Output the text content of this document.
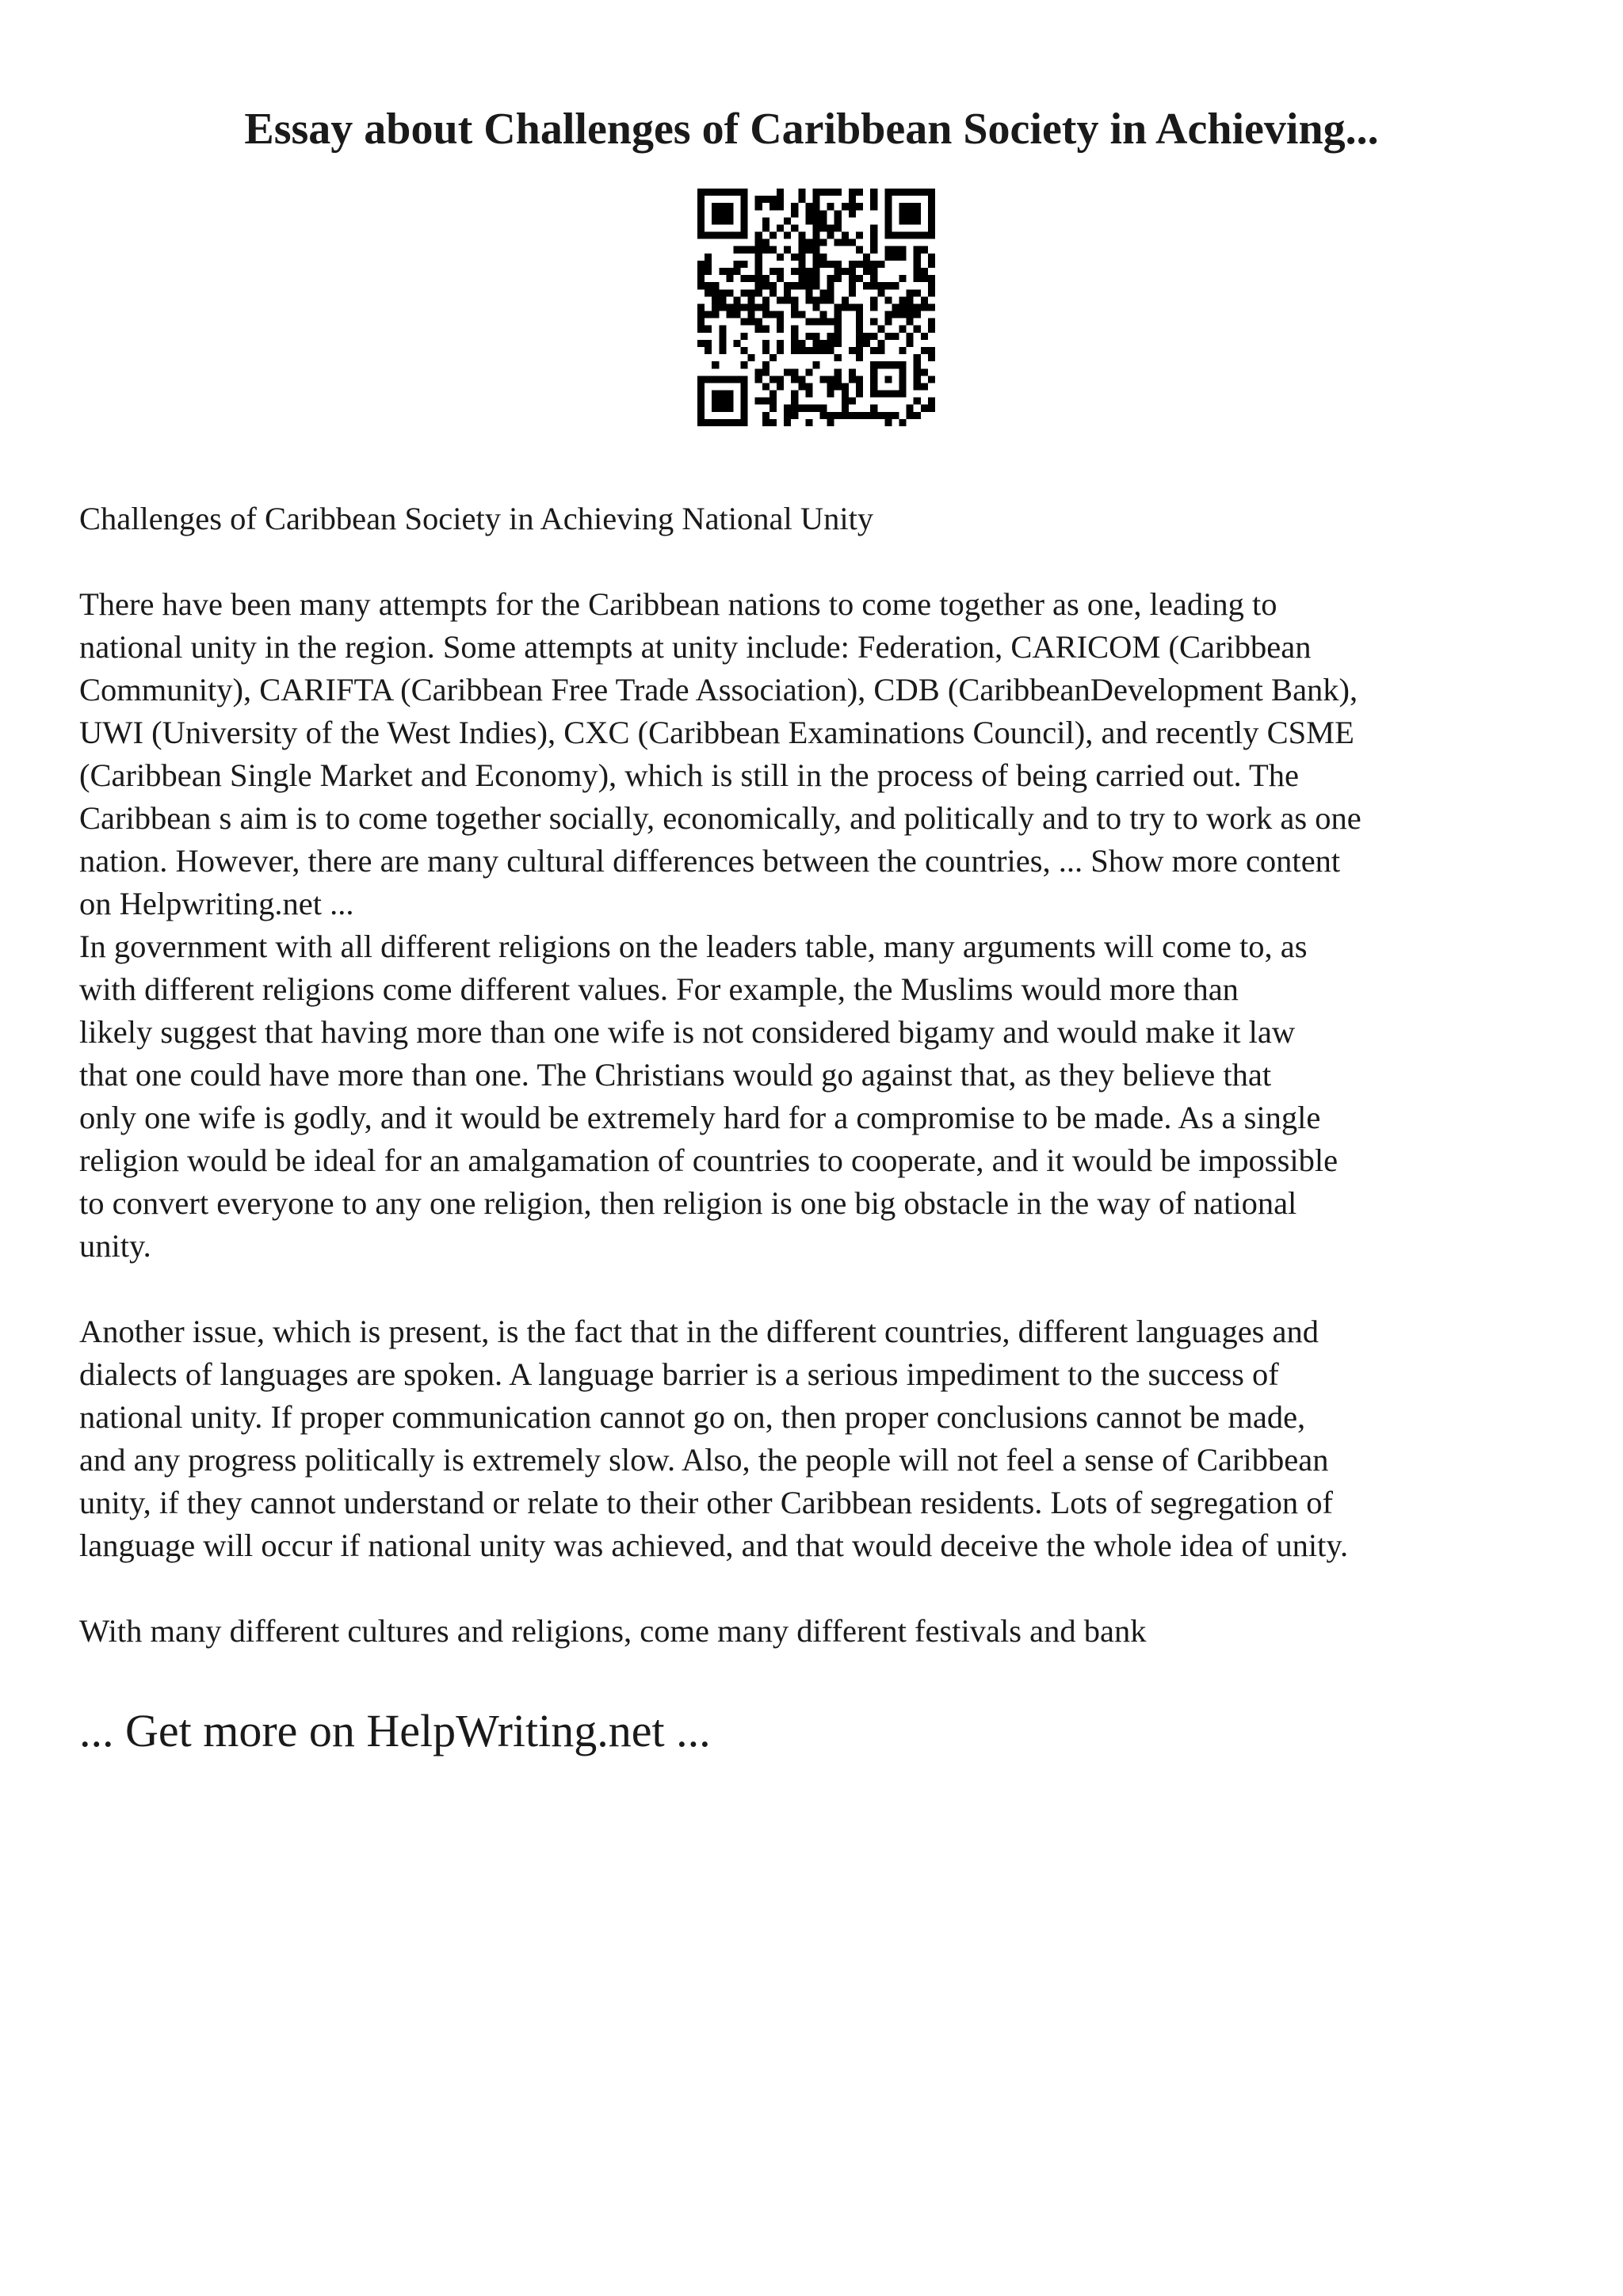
Essay about Challenges of Caribbean Society in Achieving...

Challenges of Caribbean Society in Achieving National Unity

There have been many attempts for the Caribbean nations to come together as one, leading to
national unity in the region. Some attempts at unity include: Federation, CARICOM (Caribbean
Community), CARIFTA (Caribbean Free Trade Association), CDB (CaribbeanDevelopment Bank),
UWI (University of the West Indies), CXC (Caribbean Examinations Council), and recently CSME
(Caribbean Single Market and Economy), which is still in the process of being carried out. The
Caribbean s aim is to come together socially, economically, and politically and to try to work as one
nation. However, there are many cultural differences between the countries, ... Show more content
on Helpwriting.net ...

In government with all different religions on the leaders table, many arguments will come to, as
with different religions come different values. For example, the Muslims would more than
likely suggest that having more than one wife is not considered bigamy and would make it law
that one could have more than one. The Christians would go against that, as they believe that
only one wife is godly, and it would be extremely hard for a compromise to be made. As a single
religion would be ideal for an amalgamation of countries to cooperate, and it would be impossible
to convert everyone to any one religion, then religion is one big obstacle in the way of national
unity.

Another issue, which is present, is the fact that in the different countries, different languages and
dialects of languages are spoken. A language barrier is a serious impediment to the success of
national unity. If proper communication cannot go on, then proper conclusions cannot be made,
and any progress politically is extremely slow. Also, the people will not feel a sense of Caribbean
unity, if they cannot understand or relate to their other Caribbean residents. Lots of segregation of
language will occur if national unity was achieved, and that would deceive the whole idea of unity.

With many different cultures and religions, come many different festivals and bank

... Get more on HelpWriting.net ...
